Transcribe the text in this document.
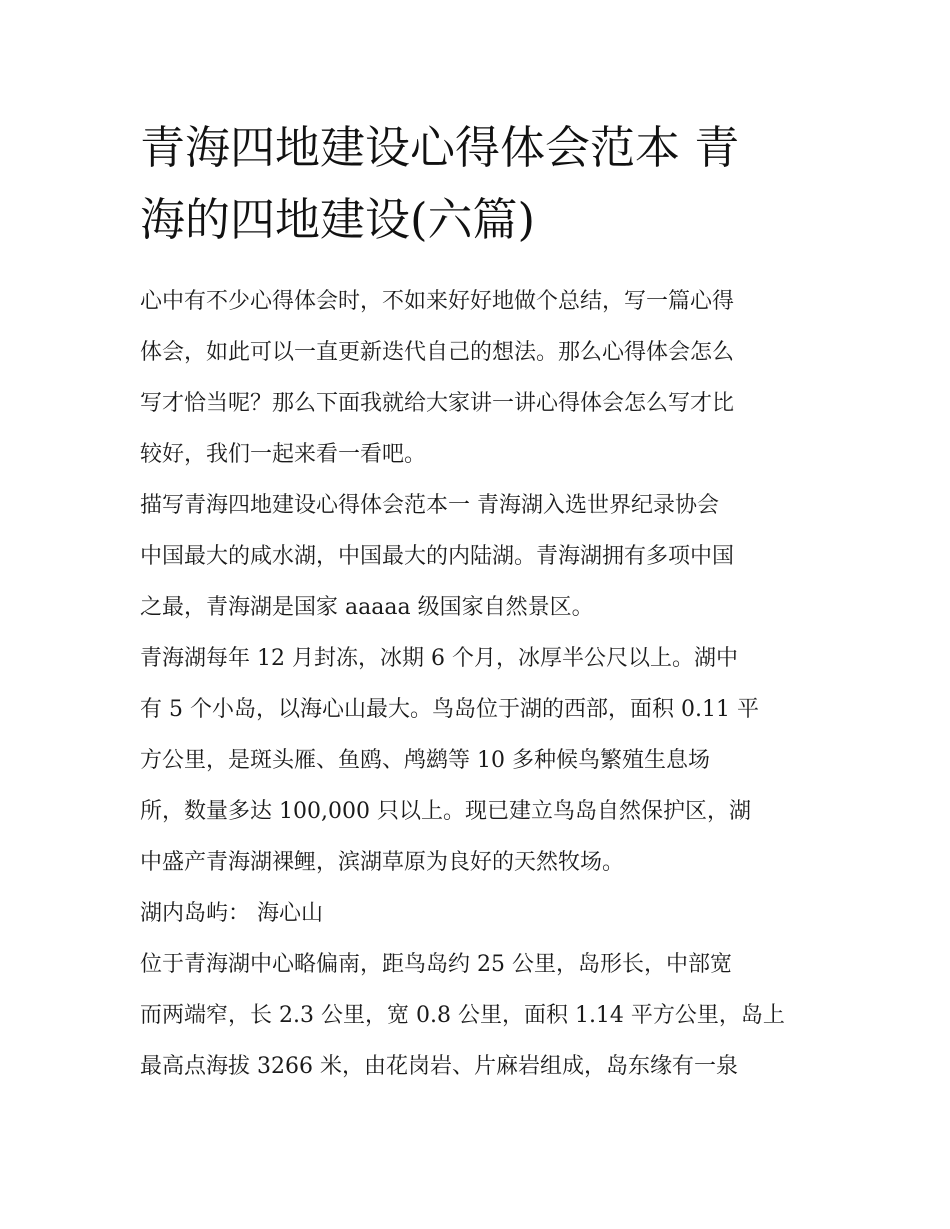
青海四地建设心得体会范本 青
海的四地建设(六篇)
心中有不少心得体会时，不如来好好地做个总结，写一篇心得
体会，如此可以一直更新迭代自己的想法。那么心得体会怎么
写才恰当呢？那么下面我就给大家讲一讲心得体会怎么写才比
较好，我们一起来看一看吧。
描写青海四地建设心得体会范本一 青海湖入选世界纪录协会
中国最大的咸水湖，中国最大的内陆湖。青海湖拥有多项中国
之最，青海湖是国家 aaaaa 级国家自然景区。
青海湖每年 12 月封冻，冰期 6 个月，冰厚半公尺以上。湖中
有 5 个小岛，以海心山最大。鸟岛位于湖的西部，面积 0.11 平
方公里，是斑头雁、鱼鸥、鸬鹚等 10 多种候鸟繁殖生息场
所，数量多达 100,000 只以上。现已建立鸟岛自然保护区，湖
中盛产青海湖裸鲤，滨湖草原为良好的天然牧场。
湖内岛屿： 海心山
位于青海湖中心略偏南，距鸟岛约 25 公里，岛形长，中部宽
而两端窄，长 2.3 公里，宽 0.8 公里，面积 1.14 平方公里，岛上
最高点海拔 3266 米，由花岗岩、片麻岩组成，岛东缘有一泉
